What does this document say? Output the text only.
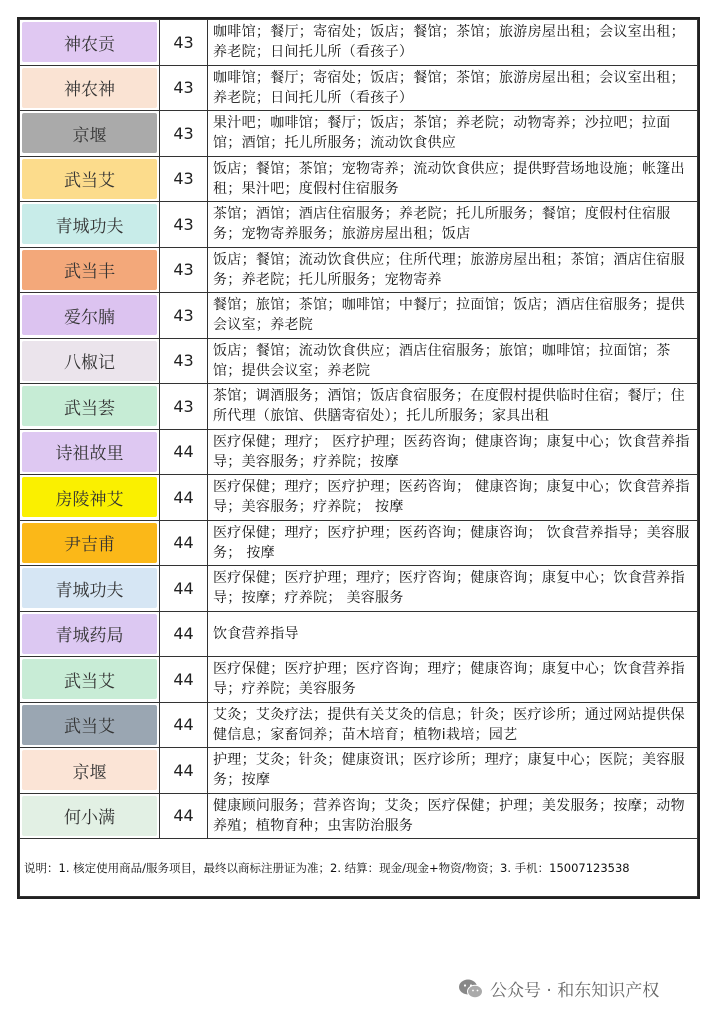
神农贡	43	咖啡馆；餐厅；寄宿处；饭店；餐馆；茶馆；旅游房屋出租；会议室出租；养老院；日间托儿所（看孩子）

神农神	43	咖啡馆；餐厅；寄宿处；饭店；餐馆；茶馆；旅游房屋出租；会议室出租；养老院；日间托儿所（看孩子）

京堰	43	果汁吧；咖啡馆；餐厅；饭店；茶馆；养老院；动物寄养；沙拉吧；拉面馆；酒馆；托儿所服务；流动饮食供应

武当艾	43	饭店；餐馆；茶馆；宠物寄养；流动饮食供应；提供野营场地设施；帐篷出租；果汁吧；度假村住宿服务

青城功夫	43	茶馆；酒馆；酒店住宿服务；养老院；托儿所服务；餐馆；度假村住宿服务；宠物寄养服务；旅游房屋出租；饭店

武当丰	43	饭店；餐馆；流动饮食供应；住所代理；旅游房屋出租；茶馆；酒店住宿服务；养老院；托儿所服务；宠物寄养

爱尔腩	43	餐馆；旅馆；茶馆；咖啡馆；中餐厅；拉面馆；饭店；酒店住宿服务；提供会议室；养老院

八椒记	43	饭店；餐馆；流动饮食供应；酒店住宿服务；旅馆；咖啡馆；拉面馆；茶馆；提供会议室；养老院

武当荟	43	茶馆；调酒服务；酒馆；饭店食宿服务；在度假村提供临时住宿；餐厅；住所代理（旅馆、供膳寄宿处）；托儿所服务；家具出租

诗祖故里	44	医疗保健；理疗； 医疗护理；医药咨询；健康咨询；康复中心；饮食营养指导；美容服务；疗养院；按摩

房陵神艾	44	医疗保健；理疗；医疗护理；医药咨询； 健康咨询；康复中心；饮食营养指导；美容服务；疗养院； 按摩

尹吉甫	44	医疗保健；理疗；医疗护理；医药咨询；健康咨询； 饮食营养指导；美容服务； 按摩

青城功夫	44	医疗保健；医疗护理；理疗；医疗咨询；健康咨询；康复中心；饮食营养指导；按摩；疗养院； 美容服务

青城药局	44	饮食营养指导

武当艾	44	医疗保健；医疗护理；医疗咨询；理疗；健康咨询；康复中心；饮食营养指导；疗养院；美容服务

武当艾	44	艾灸；艾灸疗法；提供有关艾灸的信息；针灸；医疗诊所；通过网站提供保健信息；家畜饲养；苗木培育；植物i栽培；园艺

京堰	44	护理；艾灸；针灸；健康资讯；医疗诊所；理疗；康复中心；医院；美容服务；按摩

何小满	44	健康顾问服务；营养咨询；艾灸；医疗保健；护理；美发服务；按摩；动物养殖；植物育种；虫害防治服务

说明：1. 核定使用商品/服务项目，最终以商标注册证为准；2. 结算：现金/现金+物资/物资；3. 手机：15007123538		
公众号 · 和东知识产权
